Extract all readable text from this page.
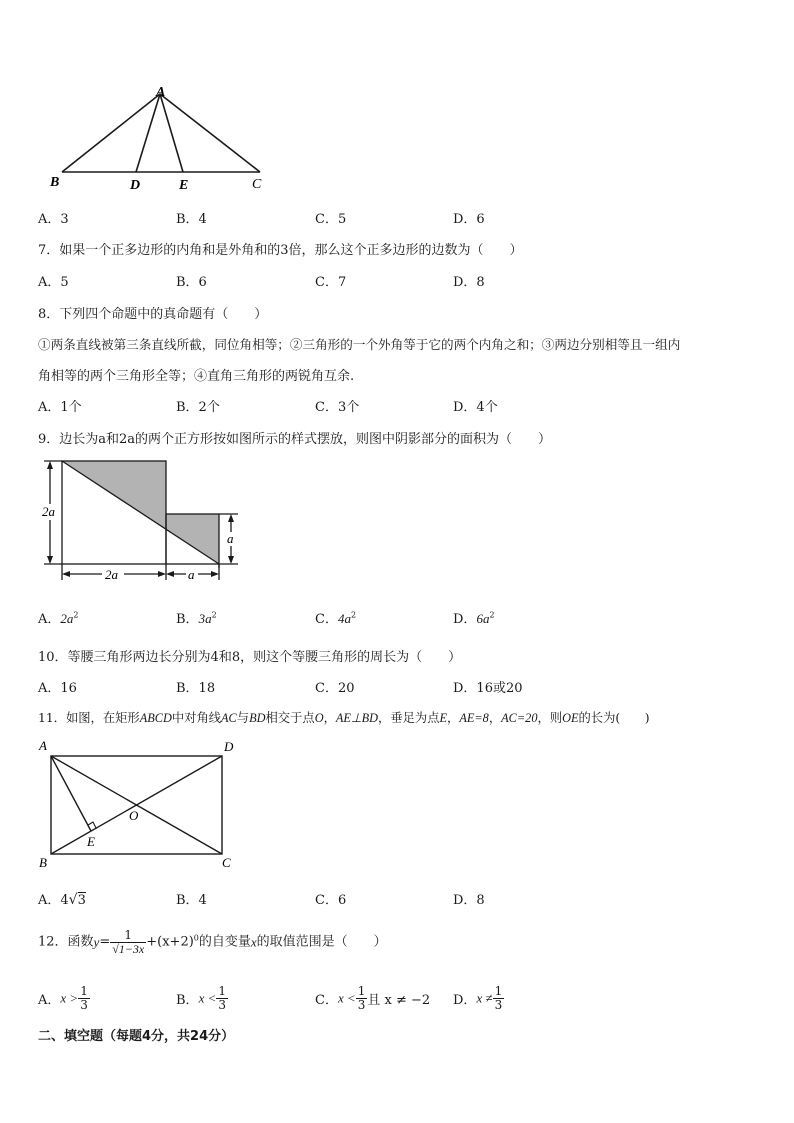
A
B	D	E	C
A．3	B．4	C．5	D．6
7．如果一个正多边形的内角和是外角和的3倍，那么这个正多边形的边数为（　　）
A．5	B．6	C．7	D．8
8．下列四个命题中的真命题有（　　）
①两条直线被第三条直线所截，同位角相等；②三角形的一个外角等于它的两个内角之和；③两边分别相等且一组内
角相等的两个三角形全等；④直角三角形的两锐角互余.
A．1个	B．2个	C．3个	D．4个
9．边长为a和2a的两个正方形按如图所示的样式摆放，则图中阴影部分的面积为（　　）
2a
2a	a
a
A．$2a^2$	B．$3a^2$	C．$4a^2$	D．$6a^2$
10．等腰三角形两边长分别为4和8，则这个等腰三角形的周长为（　　）
A．16	B．18	C．20	D．16或20
11．如图，在矩形ABCD中对角线AC与BD相交于点O，AE⊥BD，垂足为点E，AE=8，AC=20，则OE的长为(　　)
A	D
B	C
O
E
A．4√3	B．4	C．6	D．8
12．函数$y= \frac{1}{√1-3x} +(x+2)^0$的自变量x的取值范围是（　　）
A．$x > \frac{1}{3}$	B．$x < \frac{1}{3}$	C．$x < \frac{1}{3}$ 且 x ≠ −2 D．$x \ne \frac{1}{3}$
二、填空题（每题4分，共24分）
